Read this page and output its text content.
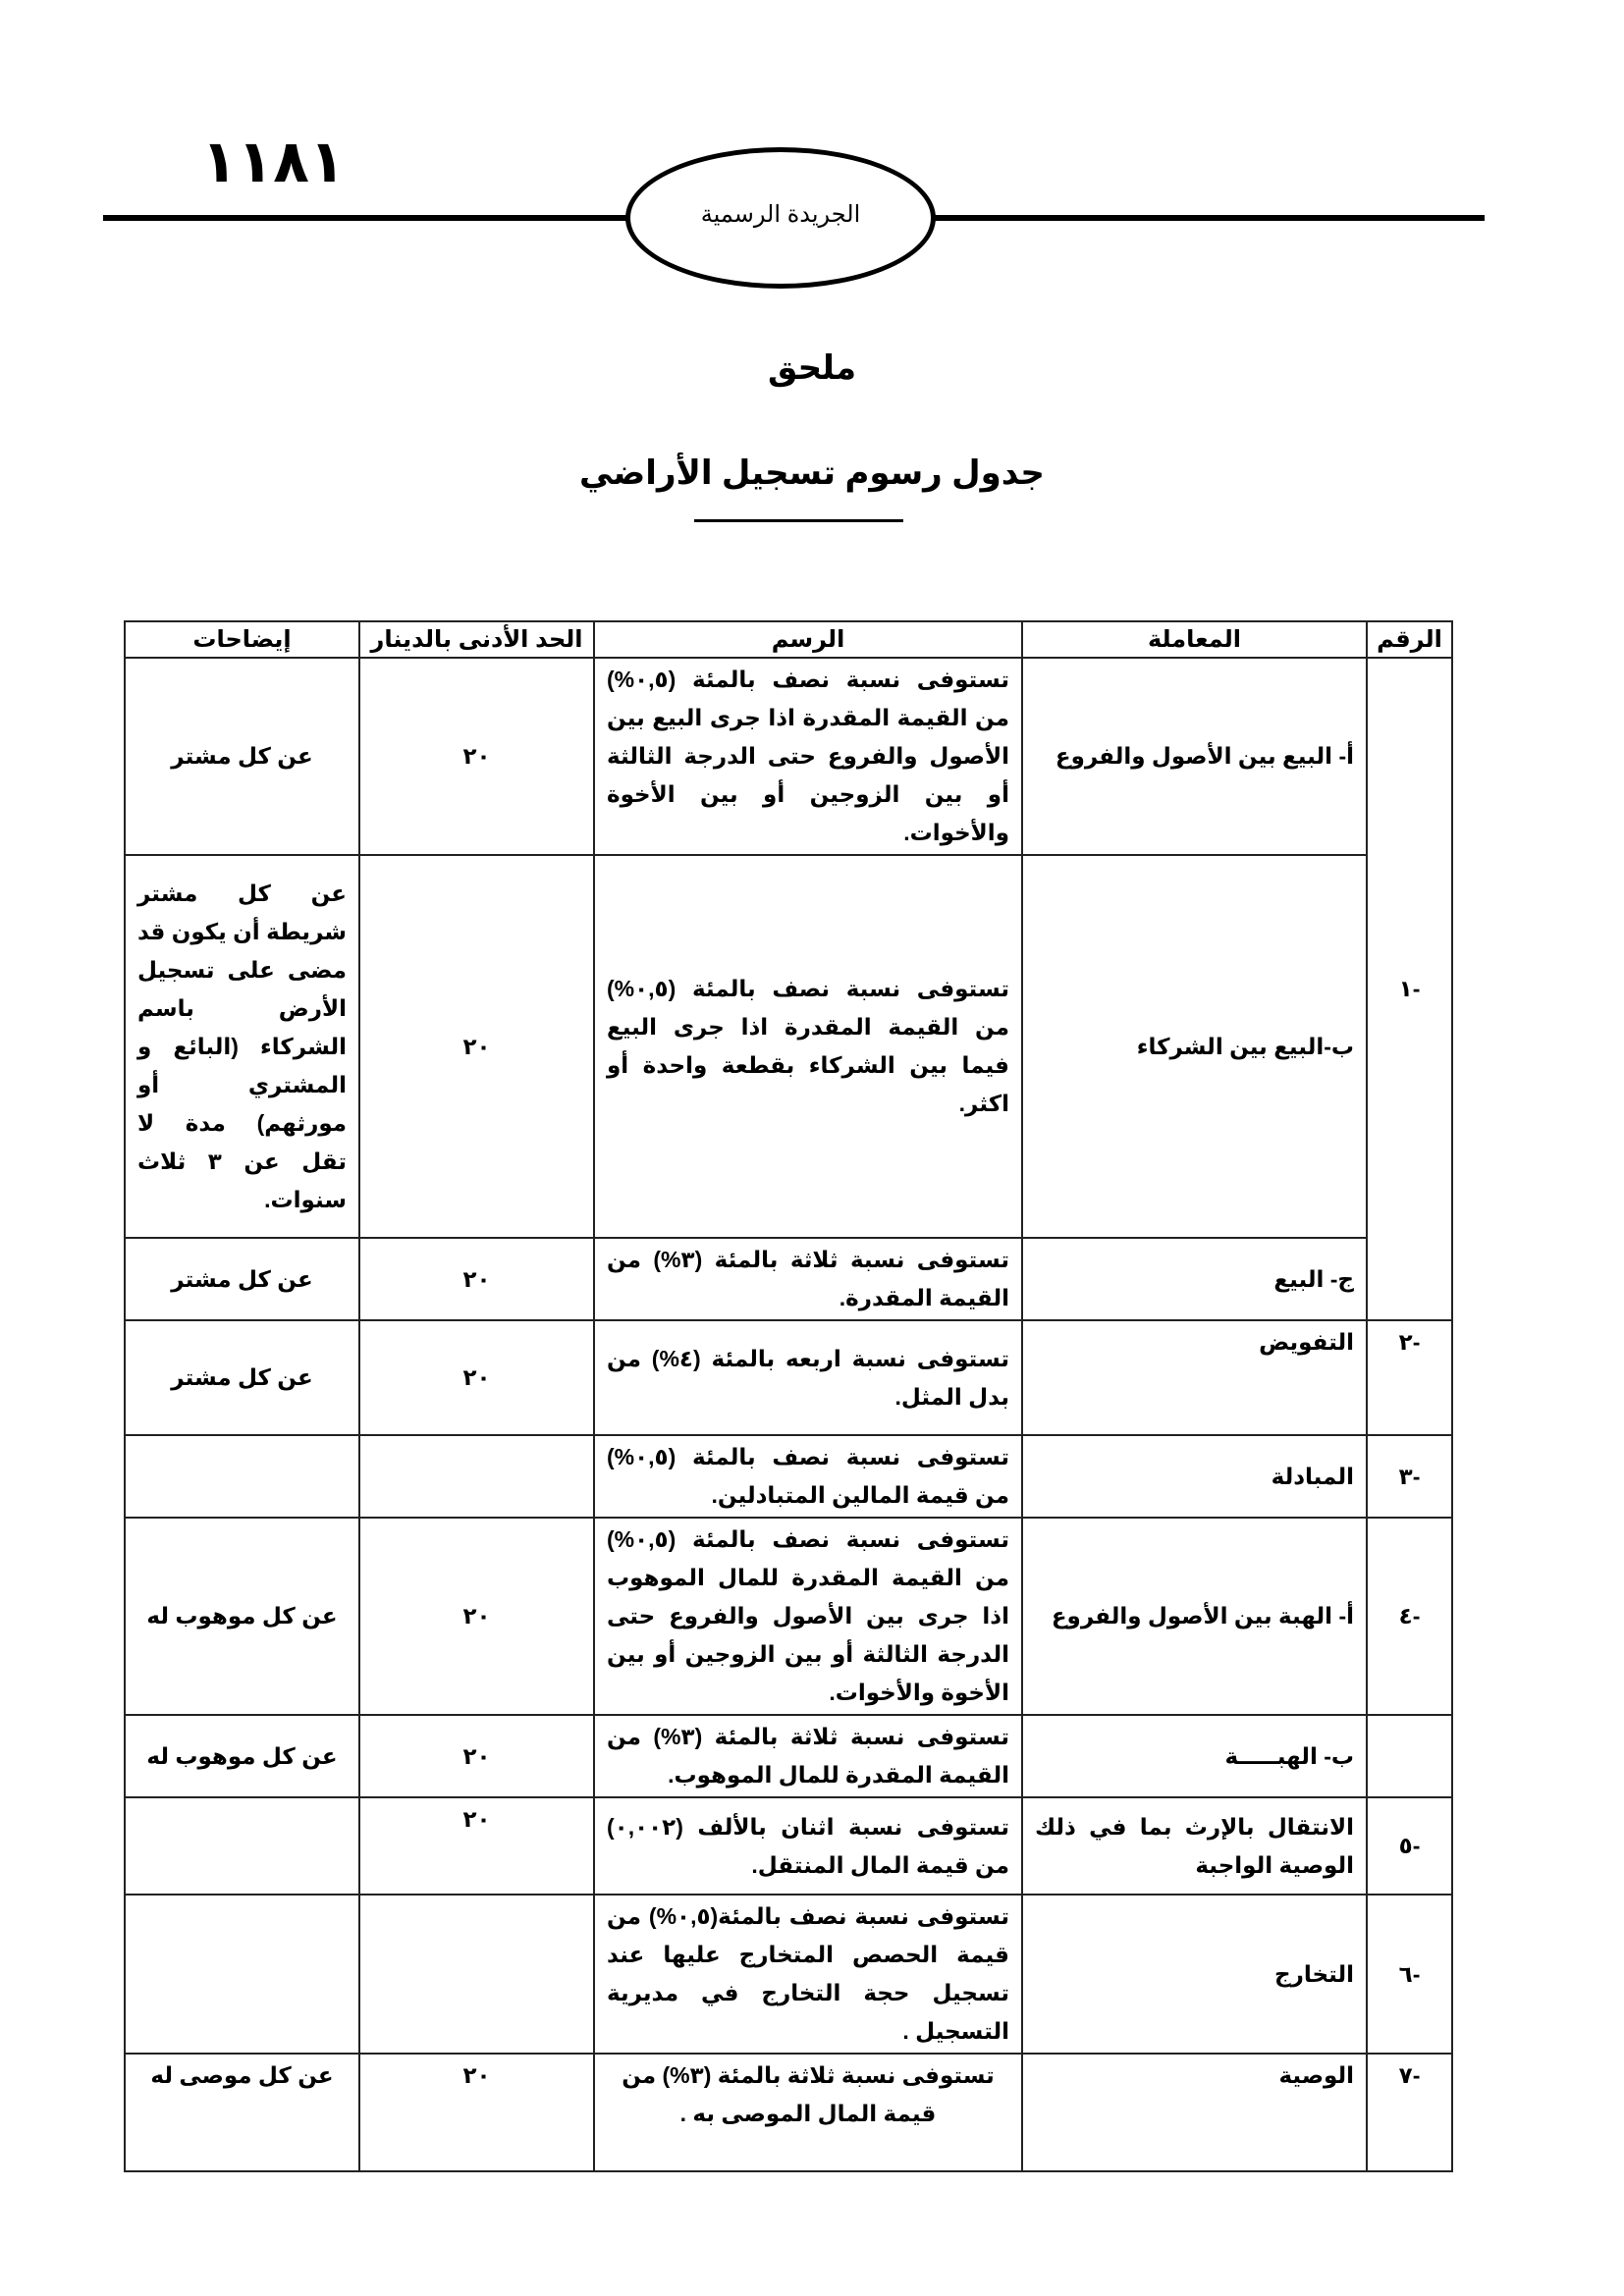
١١٨١
الجريدة الرسمية
ملحق
جدول رسوم تسجيل الأراضي
الرقم	المعاملة	الرسم	الحد الأدنى بالدينار	إيضاحات
-١	أ- البيع بين الأصول والفروع	تستوفى نسبة نصف بالمئة (٠,٥%) من القيمة المقدرة اذا جرى البيع بين الأصول والفروع حتى الدرجة الثالثة أو بين الزوجين أو بين الأخوة والأخوات.	٢٠	عن كل مشتر
	ب-البيع بين الشركاء	تستوفى نسبة نصف بالمئة (٠,٥%) من القيمة المقدرة اذا جرى البيع فيما بين الشركاء بقطعة واحدة أو اكثر.	٢٠	عن كل مشتر شريطة أن يكون قد مضى على تسجيل الأرض باسم الشركاء (البائع و المشتري أو مورثهم) مدة لا تقل عن ٣ ثلاث سنوات.
	ج- البيع	تستوفى نسبة ثلاثة بالمئة (٣%) من القيمة المقدرة.	٢٠	عن كل مشتر
-٢	التفويض	تستوفى نسبة اربعه بالمئة (٤%) من بدل المثل.	٢٠	عن كل مشتر
-٣	المبادلة	تستوفى نسبة نصف بالمئة (٠,٥%) من قيمة المالين المتبادلين.		
-٤	أ- الهبة بين الأصول والفروع	تستوفى نسبة نصف بالمئة (٠,٥%) من القيمة المقدرة للمال الموهوب اذا جرى بين الأصول والفروع حتى الدرجة الثالثة أو بين الزوجين أو بين الأخوة والأخوات.	٢٠	عن كل موهوب له
	ب- الهبـــــة	تستوفى نسبة ثلاثة بالمئة (٣%) من القيمة المقدرة للمال الموهوب.	٢٠	عن كل موهوب له
-٥	الانتقال بالإرث بما في ذلك الوصية الواجبة	تستوفى نسبة اثنان بالألف (٠,٠٠٢) من قيمة المال المنتقل.	٢٠	
-٦	التخارج	تستوفى نسبة نصف بالمئة(٠,٥%) من قيمة الحصص المتخارج عليها عند تسجيل حجة التخارج في مديرية التسجيل .		
-٧	الوصية	تستوفى نسبة ثلاثة بالمئة (٣%) من قيمة المال الموصى به .	٢٠	عن كل موصى له
